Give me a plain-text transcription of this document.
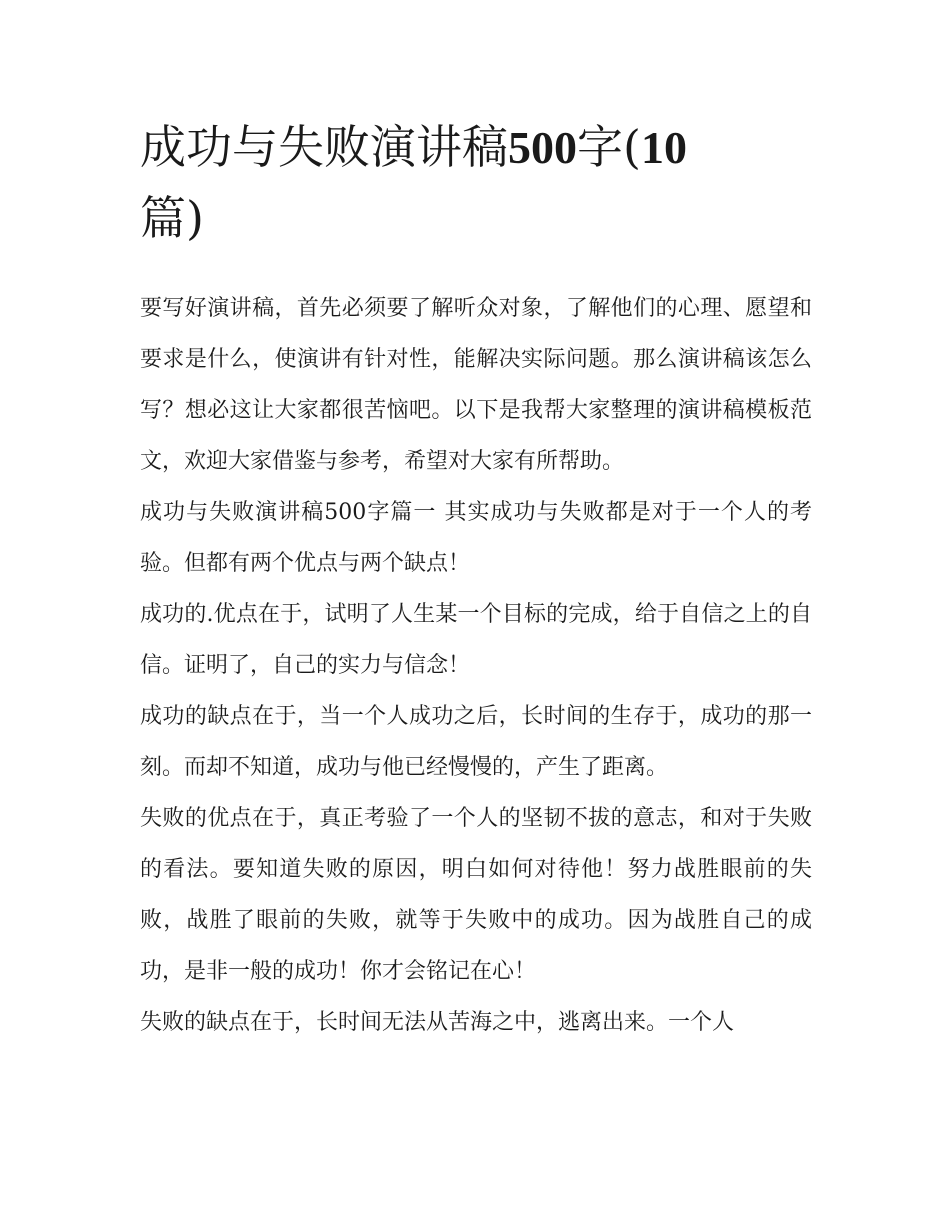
成功与失败演讲稿500字(10
篇)

要写好演讲稿，首先必须要了解听众对象，了解他们的心理、愿望和要求是什么，使演讲有针对性，能解决实际问题。那么演讲稿该怎么写？想必这让大家都很苦恼吧。以下是我帮大家整理的演讲稿模板范文，欢迎大家借鉴与参考，希望对大家有所帮助。

成功与失败演讲稿500字篇一 其实成功与失败都是对于一个人的考验。但都有两个优点与两个缺点！

成功的.优点在于，试明了人生某一个目标的完成，给于自信之上的自信。证明了，自己的实力与信念！

成功的缺点在于，当一个人成功之后，长时间的生存于，成功的那一刻。而却不知道，成功与他已经慢慢的，产生了距离。

失败的优点在于，真正考验了一个人的坚韧不拔的意志，和对于失败的看法。要知道失败的原因，明白如何对待他！努力战胜眼前的失败，战胜了眼前的失败，就等于失败中的成功。因为战胜自己的成功，是非一般的成功！你才会铭记在心！

失败的缺点在于，长时间无法从苦海之中，逃离出来。一个人
